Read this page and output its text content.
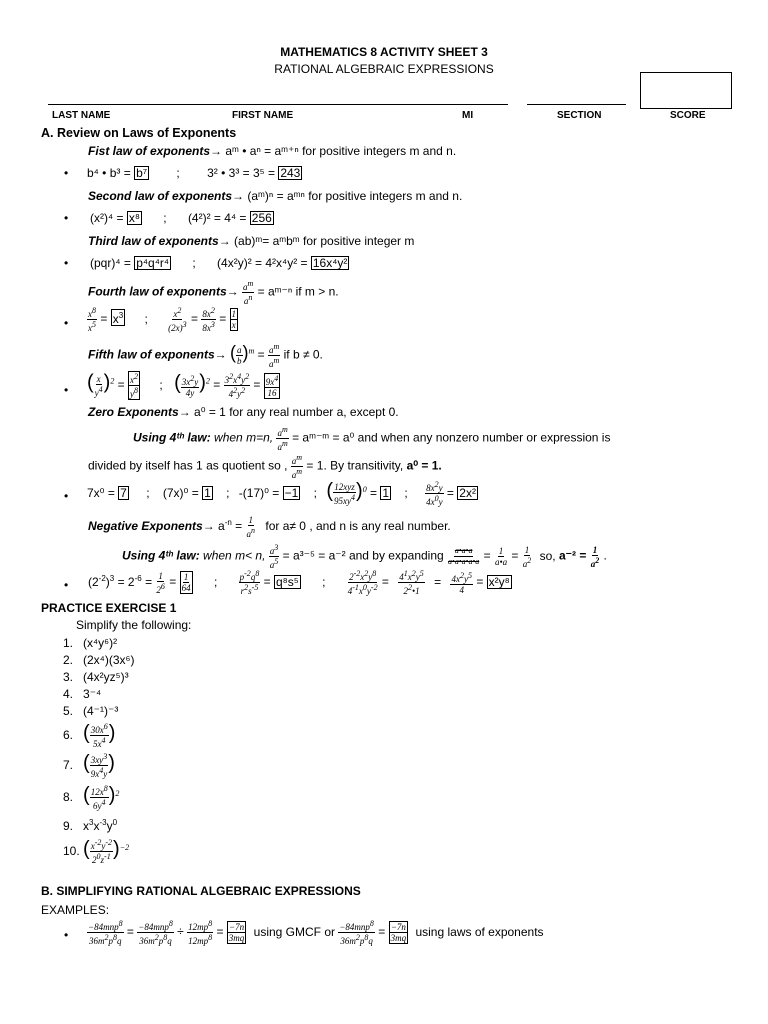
MATHEMATICS 8 ACTIVITY SHEET 3
RATIONAL ALGEBRAIC EXPRESSIONS
LAST NAME	FIRST NAME	MI	SECTION	SCORE
A. Review on Laws of Exponents
Fist law of exponents→ aᵐ • aⁿ = aᵐ⁺ⁿ for positive integers m and n.
• b⁴ • b³ = b⁷ ; 3² • 3³ = 3⁵ = 243
Second law of exponents→ (aᵐ)ⁿ = aᵐⁿ for positive integers m and n.
• (x²)⁴ = x⁸ ; (4²)² = 4⁴ = 256
Third law of exponents→ (ab)ᵐ= aᵐbᵐ for positive integer m
• (pqr)⁴ = p⁴q⁴r⁴ ; (4x²y)² = 4²x⁴y² = 16x⁴y²
Fourth law of exponents→ $\frac{a^m}{a^n}$ = aᵐ⁻ⁿ if m > n.
• $\frac{x^8}{x^5} = x^3$ ; $\frac{x^2}{(2x)^3} = \frac{8x^2}{8x^3} = \frac{1}{x}$
Fifth law of exponents→ ( $\frac{a}{b} )^m = \frac{a^m}{a^m}$ if b ≠ 0.
• ( $\frac{x}{y^4} )^2 = \frac{x^2}{y^8}$ ; ( $\frac{3x^2y}{4y} )^2 = \frac{3^2x^4y^2}{4^2y^2} = \frac{9x^4}{16}$
Zero Exponents→ a⁰ = 1 for any real number a, except 0.
Using 4ᵗʰ law: when m=n, $\frac{a^m}{a^m}$ = aᵐ⁻ᵐ = a⁰ and when any nonzero number or expression is
divided by itself has 1 as quotient so , $\frac{a^m}{a^m} = 1$. By transitivity, a⁰ = 1.
• 7x⁰ = 7 ; (7x)⁰ = 1 ; -(17)⁰ = −1 ; ( $\frac{\text{12xyz}}{95xy^4} )^0 = 1$ ; $\frac{8x^2y}{4x^0y} = 2x^2$
Negative Exponents→ $a^{-n} = \frac{1}{a^n}$ for a≠ 0 , and n is any real number.
Using 4ᵗʰ law: when m< n, $\frac{a^3}{a^5} = a^{3-5} = a^{-2}$ and by expanding $\frac{a•a•a}{a•a•a•a•a} = \frac{1}{a•a} = \frac{1}{a^2}$ so, $a^{-2} = \frac{1}{a^2}$ .
• $(2^{-2})^3 = 2^{-6} = \frac{1}{2^6} = \frac{1}{64}$ ; $\frac{p^{-2}q^8}{r^2s^{-5}} = q^8s^5$ ; $\frac{2^{-2}x^2y^8}{4^{-1}x^0y^{-2}} = \frac{4^1x^2y^5}{2^2•1} = \frac{4x^2y^5}{4} = x^2y^8$
PRACTICE EXERCISE 1
Simplify the following:
1.   (x⁴y⁶)²
2.   (2x⁴)(3x⁶)
3.   (4x²yz⁵)³
4.   3⁻⁴
5.   (4⁻¹)⁻³
6.   ( $\frac{30x^6}{5x^4}$ )
7.   ( $\frac{3xy^3}{9x^4y}$ )
8.   ( $\frac{12x^8}{6y^4} )^2$
9.   $x^3x^{-3}y^0$
10. ( $\frac{x^{-2}y^{-2}}{2^0z^{-1}} )^{-2}$
B. SIMPLIFYING RATIONAL ALGEBRAIC EXPRESSIONS
EXAMPLES:
• $\frac{-84mnp^8}{36m^2p^8q} = \frac{-84mnp^8}{36m^2p^8q} \div \frac{12mp^8}{12mp^8} = \frac{-7n}{3mq}$ using GMCF or $\frac{-84mnp^8}{36m^2p^8q} = \frac{-7n}{3mq}$ using laws of exponents
